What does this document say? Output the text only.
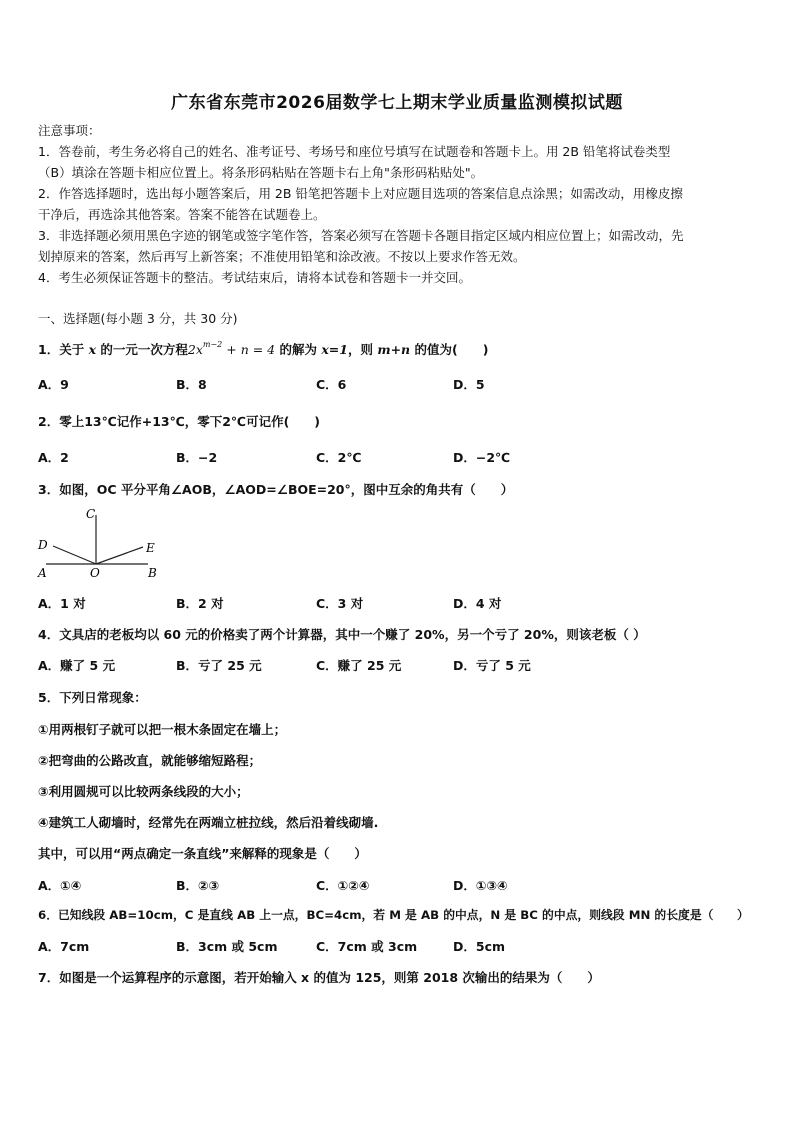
广东省东莞市2026届数学七上期末学业质量监测模拟试题
注意事项：
1．答卷前，考生务必将自己的姓名、准考证号、考场号和座位号填写在试题卷和答题卡上。用 2B 铅笔将试卷类型
（B）填涂在答题卡相应位置上。将条形码粘贴在答题卡右上角"条形码粘贴处"。
2．作答选择题时，选出每小题答案后，用 2B 铅笔把答题卡上对应题目选项的答案信息点涂黑；如需改动，用橡皮擦
干净后，再选涂其他答案。答案不能答在试题卷上。
3．非选择题必须用黑色字迹的钢笔或签字笔作答，答案必须写在答题卡各题目指定区域内相应位置上；如需改动，先
划掉原来的答案，然后再写上新答案；不准使用铅笔和涂改液。不按以上要求作答无效。
4．考生必须保证答题卡的整洁。考试结束后，请将本试卷和答题卡一并交回。
一、选择题(每小题 3 分，共 30 分)
1．关于 x 的一元一次方程$2x^{m-2} + n = 4$ 的解为 x=1，则 m+n 的值为(　　)
A．9	B．8	C．6	D．5
2．零上13℃记作+13℃，零下2℃可记作(　　)
A．2	B．−2	C．2℃	D．−2℃
3．如图，OC 平分平角∠AOB，∠AOD=∠BOE=20°，图中互余的角共有（　　）
C
D	E
A	O	B
A．1 对	B．2 对	C．3 对	D．4 对
4．文具店的老板均以 60 元的价格卖了两个计算器，其中一个赚了 20%，另一个亏了 20%，则该老板（ ）
A．赚了 5 元	B．亏了 25 元	C．赚了 25 元	D．亏了 5 元
5．下列日常现象：
①用两根钉子就可以把一根木条固定在墙上；
②把弯曲的公路改直，就能够缩短路程；
③利用圆规可以比较两条线段的大小；
④建筑工人砌墙时，经常先在两端立桩拉线，然后沿着线砌墙.
其中，可以用“两点确定一条直线”来解释的现象是（　　）
A．①④	B．②③	C．①②④	D．①③④
6．已知线段 AB=10cm，C 是直线 AB 上一点，BC=4cm，若 M 是 AB 的中点，N 是 BC 的中点，则线段 MN 的长度是（　　）
A．7cm	B．3cm 或 5cm	C．7cm 或 3cm	D．5cm
7．如图是一个运算程序的示意图，若开始输入 x 的值为 125，则第 2018 次输出的结果为（　　）
